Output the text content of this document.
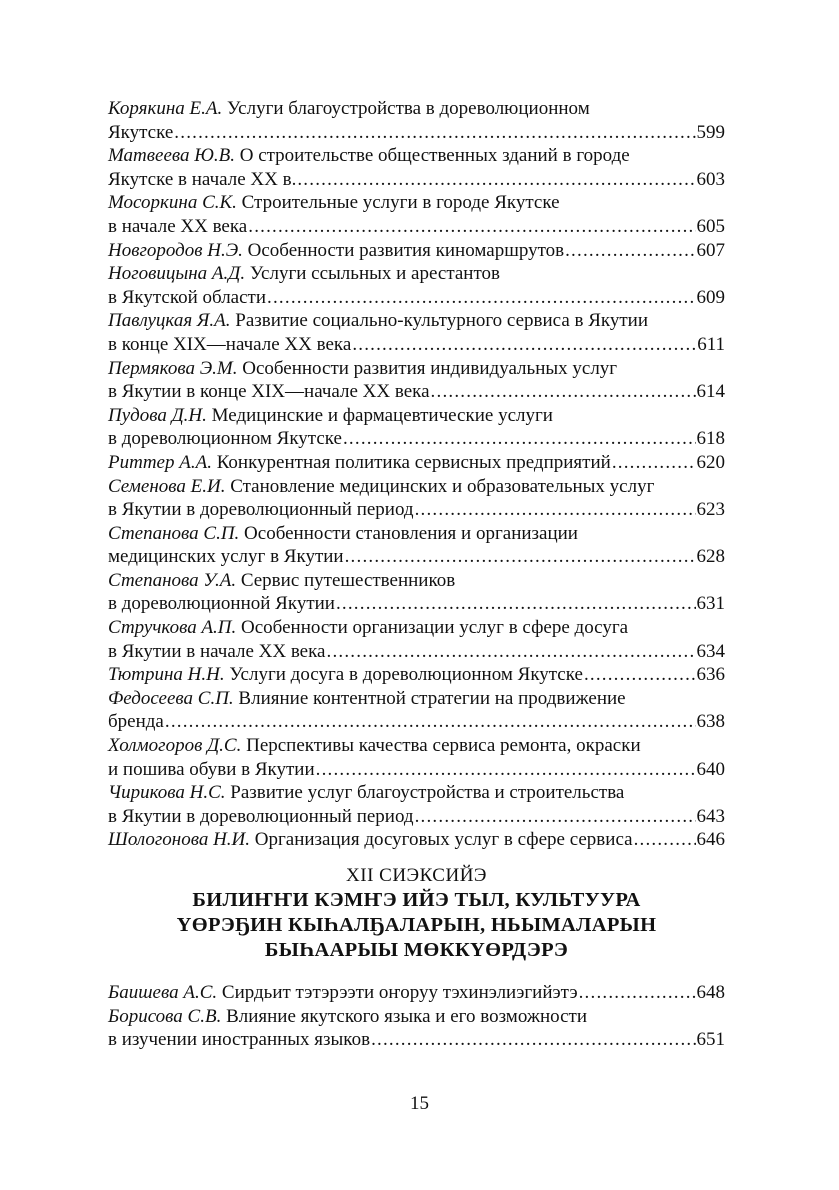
Корякина Е.А. Услуги благоустройства в дореволюционном
Якутске .....	599
Матвеева Ю.В. О строительстве общественных зданий в городе
Якутске в начале XX в. .....	603
Мосоркина С.К. Строительные услуги в городе Якутске
в начале XX века .....	605
Новгородов Н.Э. Особенности развития киномаршрутов .....	607
Ноговицына А.Д. Услуги ссыльных и арестантов
в Якутской области .....	609
Павлуцкая Я.А. Развитие социально-культурного сервиса в Якутии
в конце XIX—начале XX века .....	611
Пермякова Э.М. Особенности развития индивидуальных услуг
в Якутии в конце XIX—начале XX века .....	614
Пудова Д.Н. Медицинские и фармацевтические услуги
в дореволюционном Якутске .....	618
Риттер А.А. Конкурентная политика сервисных предприятий .....	620
Семенова Е.И. Становление медицинских и образовательных услуг
в Якутии в дореволюционный период .....	623
Степанова С.П. Особенности становления и организации
медицинских услуг в Якутии .....	628
Степанова У.А. Сервис путешественников
в дореволюционной Якутии .....	631
Стручкова А.П. Особенности организации услуг в сфере досуга
в Якутии в начале XX века .....	634
Тютрина Н.Н. Услуги досуга в дореволюционном Якутске .....	636
Федосеева С.П. Влияние контентной стратегии на продвижение
бренда .....	638
Холмогоров Д.С. Перспективы качества сервиса ремонта, окраски
и пошива обуви в Якутии .....	640
Чирикова Н.С. Развитие услуг благоустройства и строительства
в Якутии в дореволюционный период .....	643
Шологонова Н.И. Организация досуговых услуг в сфере сервиса .....	646
XII СИЭКСИЙЭ
БИЛИҤҤИ КЭМҤЭ ИЙЭ ТЫЛ, КУЛЬТУУРА
ҮӨРЭҔИН КЫҺАЛҔАЛАРЫН, НЬЫМАЛАРЫН
БЫҺААРЫЫ МӨККҮӨРДЭРЭ
Баишева А.С. Сирдьит тэтэрээти оҥоруу тэхинэлиэгийэтэ .....	648
Борисова С.В. Влияние якутского языка и его возможности
в изучении иностранных языков .....	651
15
